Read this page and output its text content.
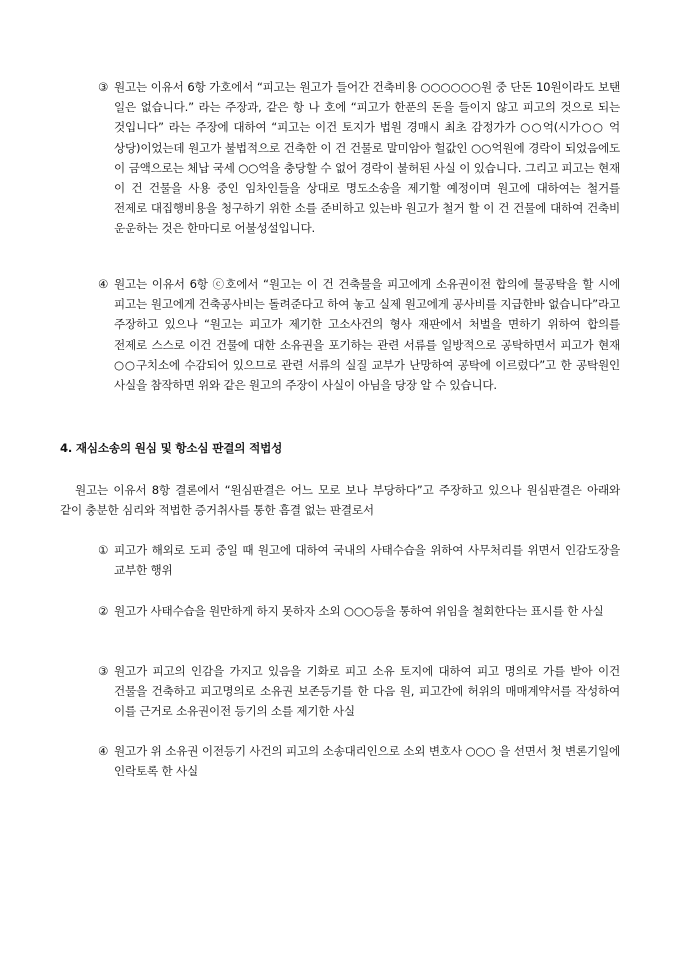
③ 원고는 이유서 6항 가호에서 “피고는 원고가 들어간 건축비용 ○○○○○○원 중 단돈 10원이라도 보탠 일은 없습니다.” 라는 주장과, 같은 항 나 호에 “피고가 한푼의 돈을 들이지 않고 피고의 것으로 되는 것입니다” 라는 주장에 대하여 “피고는 이건 토지가 법원 경매시 최초 감정가가 ○○억(시가○○ 억 상당)이었는데 원고가 불법적으로 건축한 이 건 건물로 말미암아 헐값인 ○○억원에 경락이 되었음에도 이 금액으로는 체납 국세 ○○억을 충당할 수 없어 경락이 불허된 사실 이 있습니다. 그리고 피고는 현재 이 건 건물을 사용 중인 임차인들을 상대로 명도소송을 제기할 예정이며 원고에 대하여는 철거를 전제로 대집행비용을 청구하기 위한 소를 준비하고 있는바 원고가 철거 할 이 건 건물에 대하여 건축비 운운하는 것은 한마디로 어불성설입니다.
④ 원고는 이유서 6항 ⓒ호에서 “원고는 이 건 건축물을 피고에게 소유권이전 합의에 물공탁을 할 시에 피고는 원고에게 건축공사비는 돌려준다고 하여 놓고 실제 원고에게 공사비를 지급한바 없습니다”라고 주장하고 있으나 “원고는 피고가 제기한 고소사건의 형사 재판에서 처벌을 면하기 위하여 합의를 전제로 스스로 이건 건물에 대한 소유권을 포기하는 관련 서류를 일방적으로 공탁하면서 피고가 현재 ○○구치소에 수감되어 있으므로 관련 서류의 실질 교부가 난망하여 공탁에 이르렀다”고 한 공탁원인 사실을 참작하면 위와 같은 원고의 주장이 사실이 아님을 당장 알 수 있습니다.
4. 재심소송의 원심 및 항소심 판결의 적법성
원고는 이유서 8항 결론에서 “원심판결은 어느 모로 보나 부당하다”고 주장하고 있으나 원심판결은 아래와 같이 충분한 심리와 적법한 증거취사를 통한 흠결 없는 판결로서
① 피고가 해외로 도피 중일 때 원고에 대하여 국내의 사태수습을 위하여 사무처리를 위면서 인감도장을 교부한 행위
② 원고가 사태수습을 원만하게 하지 못하자 소외 ○○○등을 통하여 위임을 철회한다는 표시를 한 사실
③ 원고가 피고의 인감을 가지고 있음을 기화로 피고 소유 토지에 대하여 피고 명의로 가를 받아 이건 건물을 건축하고 피고명의로 소유권 보존등기를 한 다음 원, 피고간에 허위의 매매계약서를 작성하여 이를 근거로 소유권이전 등기의 소를 제기한 사실
④ 원고가 위 소유권 이전등기 사건의 피고의 소송대리인으로 소외 변호사 ○○○ 을 선면서 첫 변론기일에 인락토록 한 사실
